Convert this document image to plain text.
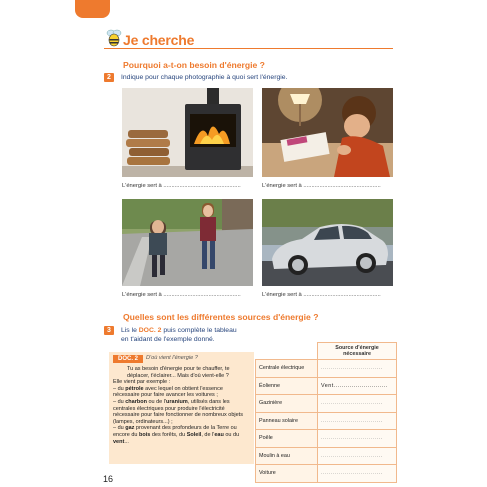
Je cherche
Pourquoi a-t-on besoin d'énergie ?
2	Indique pour chaque photographie à quoi sert l'énergie.
L'énergie sert à ................................................	L'énergie sert à ................................................
L'énergie sert à ................................................	L'énergie sert à ................................................
Quelles sont les différentes sources d'énergie ?
3	Lis le DOC. 2 puis complète le tableau
en t'aidant de l'exemple donné.
DOC. 2	D'où vient l'énergie ?
Tu as besoin d'énergie pour te chauffer, te déplacer, t'éclairer... Mais d'où vient-elle ?
Elle vient par exemple :
– du pétrole avec lequel on obtient l'essence nécessaire pour faire avancer les voitures ;
– du charbon ou de l'uranium, utilisés dans les centrales électriques pour produire l'électricité nécessaire pour faire fonctionner de nombreux objets (lampes, ordinateurs...) ;
– du gaz provenant des profondeurs de la Terre ou encore du bois des forêts, du Soleil, de l'eau ou du vent...
	Source d'énergie nécessaire
Centrale électrique	...............................
Éolienne	Vent...........................
Gazinière	...............................
Panneau solaire	...............................
Poêle	...............................
Moulin à eau	...............................
Voiture	...............................
16
